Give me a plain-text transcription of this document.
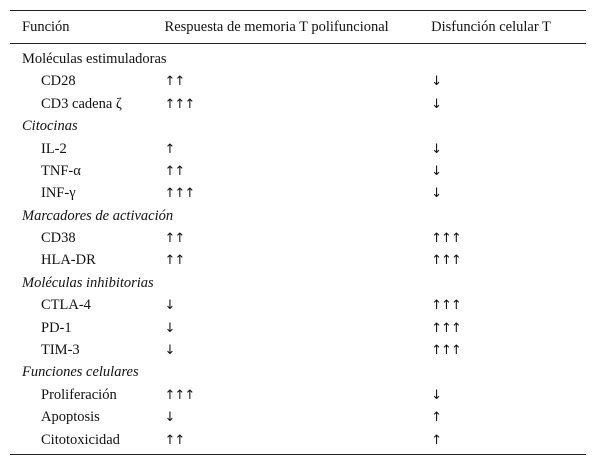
Función	Respuesta de memoria T polifuncional	Disfunción celular T
Moléculas estimuladoras		
CD28	↑↑	↓
CD3 cadena ζ	↑↑↑	↓
Citocinas		
IL-2	↑	↓
TNF-α	↑↑	↓
INF-γ	↑↑↑	↓
Marcadores de activación		
CD38	↑↑	↑↑↑
HLA-DR	↑↑	↑↑↑
Moléculas inhibitorias		
CTLA-4	↓	↑↑↑
PD-1	↓	↑↑↑
TIM-3	↓	↑↑↑
Funciones celulares		
Proliferación	↑↑↑	↓
Apoptosis	↓	↑
Citotoxicidad	↑↑	↑
